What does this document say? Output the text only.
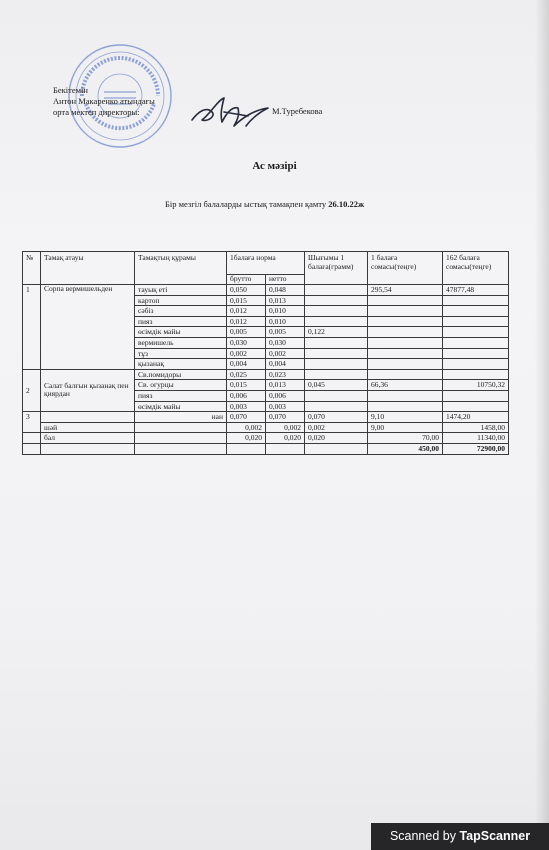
Бекітемін
Антон Макаренко атындағы
орта мектеп директоры:	М.Туребекова
Ас мәзірі
Бір мезгіл балаларды ыстық тамақпен қамту 26.10.22ж
№	Тамақ атауы	Тамақтың құрамы	1балаға норма		Шығымы 1 балаға(грамм)	1 балаға сомасы(теңге)	162 балаға сомасы(теңге)
			брутто	нетто			
1	Сорпа вермишельден	тауық еті	0,050	0,048		295,54	47877,48
		картоп	0,015	0,013			
		сәбіз	0,012	0,010			
		пияз	0,012	0,010			
		өсімдік майы	0,005	0,005	0,122		
		вермишель	0,030	0,030			
		тұз	0,002	0,002			
		қызанақ	0,004	0,004			
2	Салат балғын қызанақ пен қиярдан	Св.помидоры	0,025	0,023			
		Св. огурцы	0,015	0,013	0,045	66,36	10750,32
		пияз	0,006	0,006			
		өсімдік майы	0,003	0,003			
3		нан	0,070	0,070	0,070	9,10	1474,20
	шәй		0,002	0,002	0,002	9,00	1458,00
	бал		0,020	0,020	0,020	70,00	11340,00
						450,00	72900,00
Scanned by TapScanner
